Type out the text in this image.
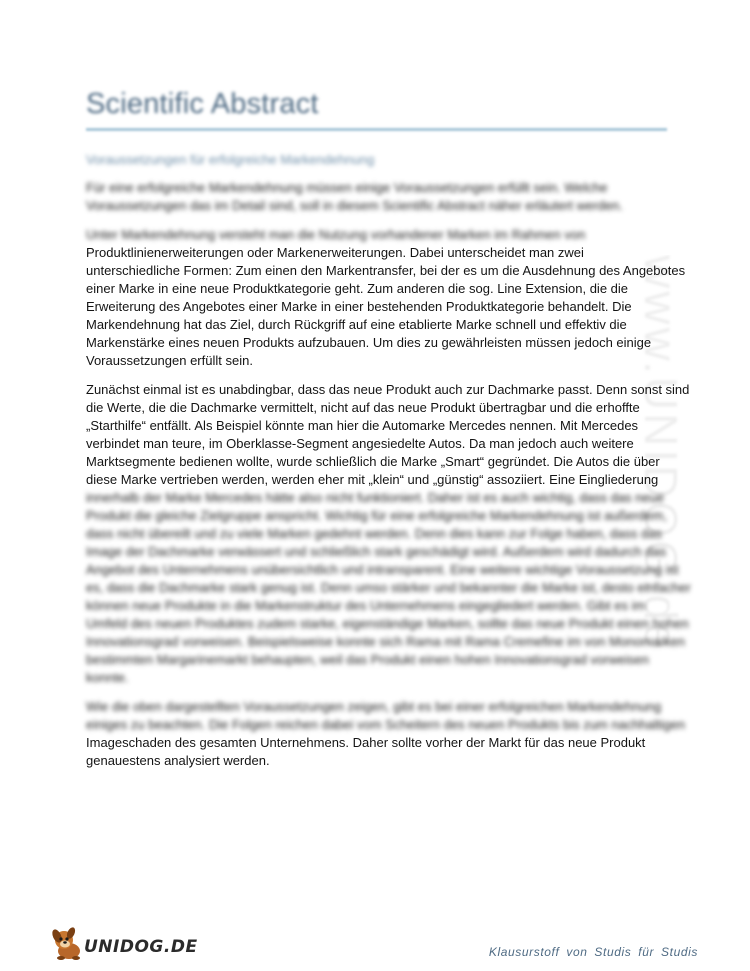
Scientific Abstract
Voraussetzungen für erfolgreiche Markendehnung
www.UNIDOG.de
Für eine erfolgreiche Markendehnung müssen einige Voraussetzungen erfüllt sein. Welche
Voraussetzungen das im Detail sind, soll in diesem Scientific Abstract näher erläutert werden.
Unter Markendehnung versteht man die Nutzung vorhandener Marken im Rahmen von
Produktlinienerweiterungen oder Markenerweiterungen. Dabei unterscheidet man zwei
unterschiedliche Formen: Zum einen den Markentransfer, bei der es um die Ausdehnung des Angebotes
einer Marke in eine neue Produktkategorie geht. Zum anderen die sog. Line Extension, die die
Erweiterung des Angebotes einer Marke in einer bestehenden Produktkategorie behandelt. Die
Markendehnung hat das Ziel, durch Rückgriff auf eine etablierte Marke schnell und effektiv die
Markenstärke eines neuen Produkts aufzubauen. Um dies zu gewährleisten müssen jedoch einige
Voraussetzungen erfüllt sein.
Zunächst einmal ist es unabdingbar, dass das neue Produkt auch zur Dachmarke passt. Denn sonst sind
die Werte, die die Dachmarke vermittelt, nicht auf das neue Produkt übertragbar und die erhoffte
„Starthilfe“ entfällt. Als Beispiel könnte man hier die Automarke Mercedes nennen. Mit Mercedes
verbindet man teure, im Oberklasse-Segment angesiedelte Autos. Da man jedoch auch weitere
Marktsegmente bedienen wollte, wurde schließlich die Marke „Smart“ gegründet. Die Autos die über
diese Marke vertrieben werden, werden eher mit „klein“ und „günstig“ assoziiert. Eine Eingliederung
innerhalb der Marke Mercedes hätte also nicht funktioniert. Daher ist es auch wichtig, dass das neue
Produkt die gleiche Zielgruppe anspricht. Wichtig für eine erfolgreiche Markendehnung ist außerdem,
dass nicht übereilt und zu viele Marken gedehnt werden. Denn dies kann zur Folge haben, dass das
Image der Dachmarke verwässert und schließlich stark geschädigt wird. Außerdem wird dadurch das
Angebot des Unternehmens unübersichtlich und intransparent. Eine weitere wichtige Voraussetzung ist
es, dass die Dachmarke stark genug ist. Denn umso stärker und bekannter die Marke ist, desto einfacher
können neue Produkte in die Markenstruktur des Unternehmens eingegliedert werden. Gibt es im
Umfeld des neuen Produktes zudem starke, eigenständige Marken, sollte das neue Produkt einen hohen
Innovationsgrad vorweisen. Beispielsweise konnte sich Rama mit Rama Cremefine im von Monomarken
bestimmten Margarinemarkt behaupten, weil das Produkt einen hohen Innovationsgrad vorweisen
konnte.
Wie die oben dargestellten Voraussetzungen zeigen, gibt es bei einer erfolgreichen Markendehnung
einiges zu beachten. Die Folgen reichen dabei vom Scheitern des neuen Produkts bis zum nachhaltigen
Imageschaden des gesamten Unternehmens. Daher sollte vorher der Markt für das neue Produkt
genauestens analysiert werden.
UNIDOG.DE	Klausurstoff von Studis für Studis
